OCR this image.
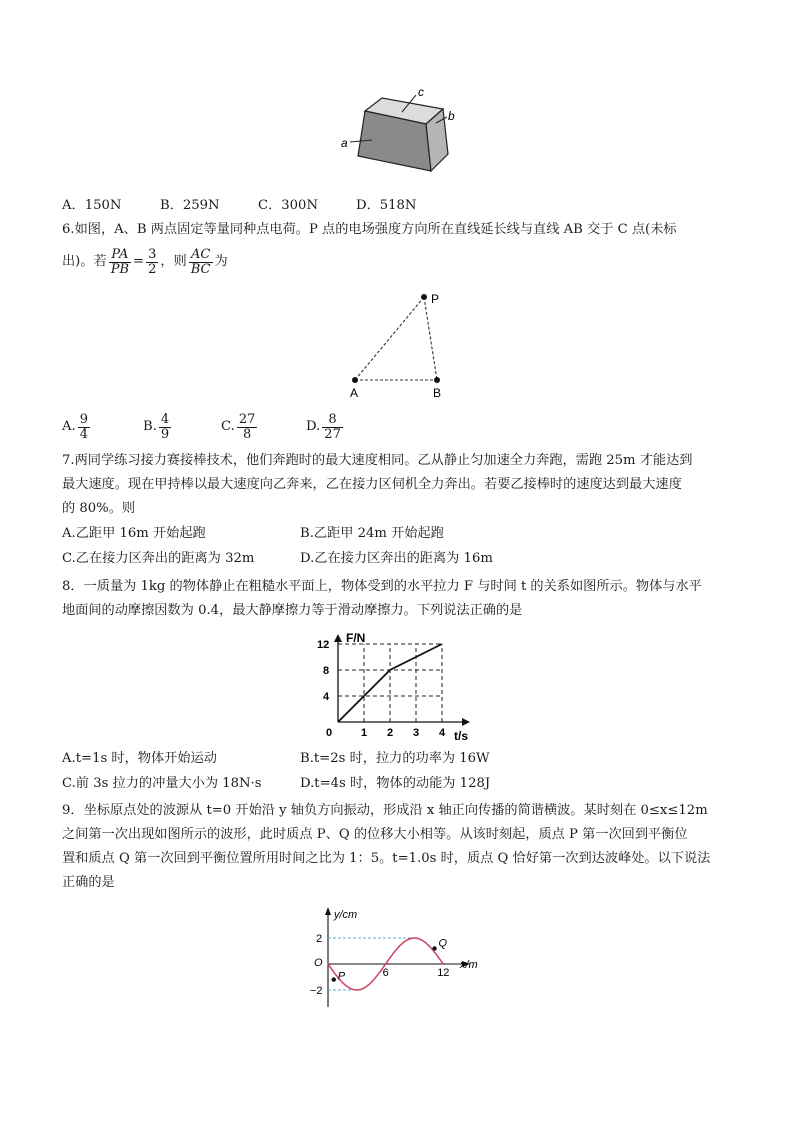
c
b
a
A．150N	B．259N	C．300N	D．518N
6.如图，A、B 两点固定等量同种点电荷。P 点的电场强度方向所在直线延长线与直线 AB 交于 C 点(未标
出)。若 $\frac{PA}{PB} = \frac{3}{2}$ ，则 $\frac{AC}{BC}$ 为
P
A	B
A. $\frac{9}{4}$	B. $\frac{4}{9}$	C. $\frac{27}{8}$	D. $\frac{8}{27}$
7.两同学练习接力赛接棒技术，他们奔跑时的最大速度相同。乙从静止匀加速全力奔跑，需跑 25m 才能达到
最大速度。现在甲持棒以最大速度向乙奔来，乙在接力区伺机全力奔出。若要乙接棒时的速度达到最大速度
的 80%。则
A.乙距甲 16m 开始起跑	B.乙距甲 24m 开始起跑
C.乙在接力区奔出的距离为 32m	D.乙在接力区奔出的距离为 16m
8．一质量为 1kg 的物体静止在粗糙水平面上，物体受到的水平拉力 F 与时间 t 的关系如图所示。物体与水平
地面间的动摩擦因数为 0.4，最大静摩擦力等于滑动摩擦力。下列说法正确的是
0	1 2 3 4
4
8
12 F/N
t/s
A.t=1s 时，物体开始运动	B.t=2s 时，拉力的功率为 16W
C.前 3s 拉力的冲量大小为 18N·s	D.t=4s 时，物体的动能为 128J
9．坐标原点处的波源从 t=0 开始沿 y 轴负方向振动，形成沿 x 轴正向传播的简谐横波。某时刻在 0≤x≤12m
之间第一次出现如图所示的波形，此时质点 P、Q 的位移大小相等。从该时刻起，质点 P 第一次回到平衡位
置和质点 Q 第一次回到平衡位置所用时间之比为 1：5。t=1.0s 时，质点 Q 恰好第一次到达波峰处。以下说法
正确的是
P
Q
y/cm
x/m
O
6	12
2
−2
